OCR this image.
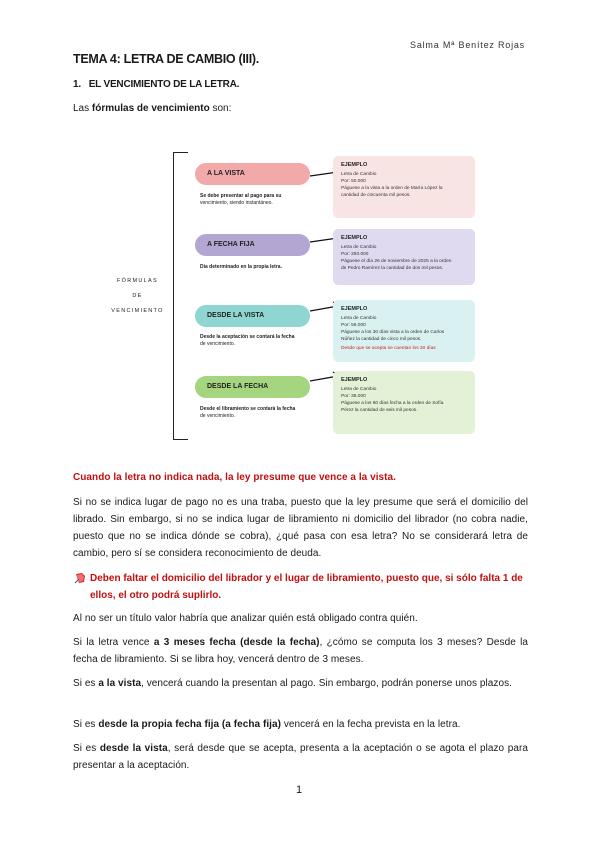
Salma Mª Benítez Rojas
TEMA 4: LETRA DE CAMBIO (III).
1. EL VENCIMIENTO DE LA LETRA.
Las fórmulas de vencimiento son:
FÓRMULAS
DE
VENCIMIENTO
A LA VISTA
Se debe presentar al pago para su
vencimiento, siendo instantáneo.
EJEMPLO
Letra de Cambio
Por: 50.000
Páguese a la vista a la orden de María López la
cantidad de cincuenta mil pesos.
A FECHA FIJA
Día determinado en la propia letra.
EJEMPLO
Letra de Cambio
Por: 250.000
Páguese el día 26 de noviembre de 2025 a la orden
de Pedro Ramírez la cantidad de dos mil pesos.
DESDE LA VISTA
Desde la aceptación se contará la fecha
de vencimiento.
EJEMPLO
Letra de Cambio
Por: 56.000
Páguese a los 30 días vista a la orden de Carlos
Núñez la cantidad de cinco mil pesos.
Desde que se acepta se cuentan los 30 días
DESDE LA FECHA
Desde el libramiento se contará la fecha
de vencimiento.
EJEMPLO
Letra de Cambio
Por: 36.000
Páguese a los 60 días fecha a la orden de Sofía
Pérez la cantidad de seis mil pesos.
Cuando la letra no indica nada, la ley presume que vence a la vista.
Si no se indica lugar de pago no es una traba, puesto que la ley presume que será el domicilio del librado. Sin embargo, si no se indica lugar de libramiento ni domicilio del librador (no cobra nadie, puesto que no se indica dónde se cobra), ¿qué pasa con esa letra? No se considerará letra de cambio, pero sí se considera reconocimiento de deuda.
Deben faltar el domicilio del librador y el lugar de libramiento, puesto que, si sólo falta 1 de ellos, el otro podrá suplirlo.
Al no ser un título valor habría que analizar quién está obligado contra quién.
Si la letra vence a 3 meses fecha (desde la fecha), ¿cómo se computa los 3 meses? Desde la fecha de libramiento. Si se libra hoy, vencerá dentro de 3 meses.
Si es a la vista, vencerá cuando la presentan al pago. Sin embargo, podrán ponerse unos plazos.
Si es desde la propia fecha fija (a fecha fija) vencerá en la fecha prevista en la letra.
Si es desde la vista, será desde que se acepta, presenta a la aceptación o se agota el plazo para presentar a la aceptación.
1
